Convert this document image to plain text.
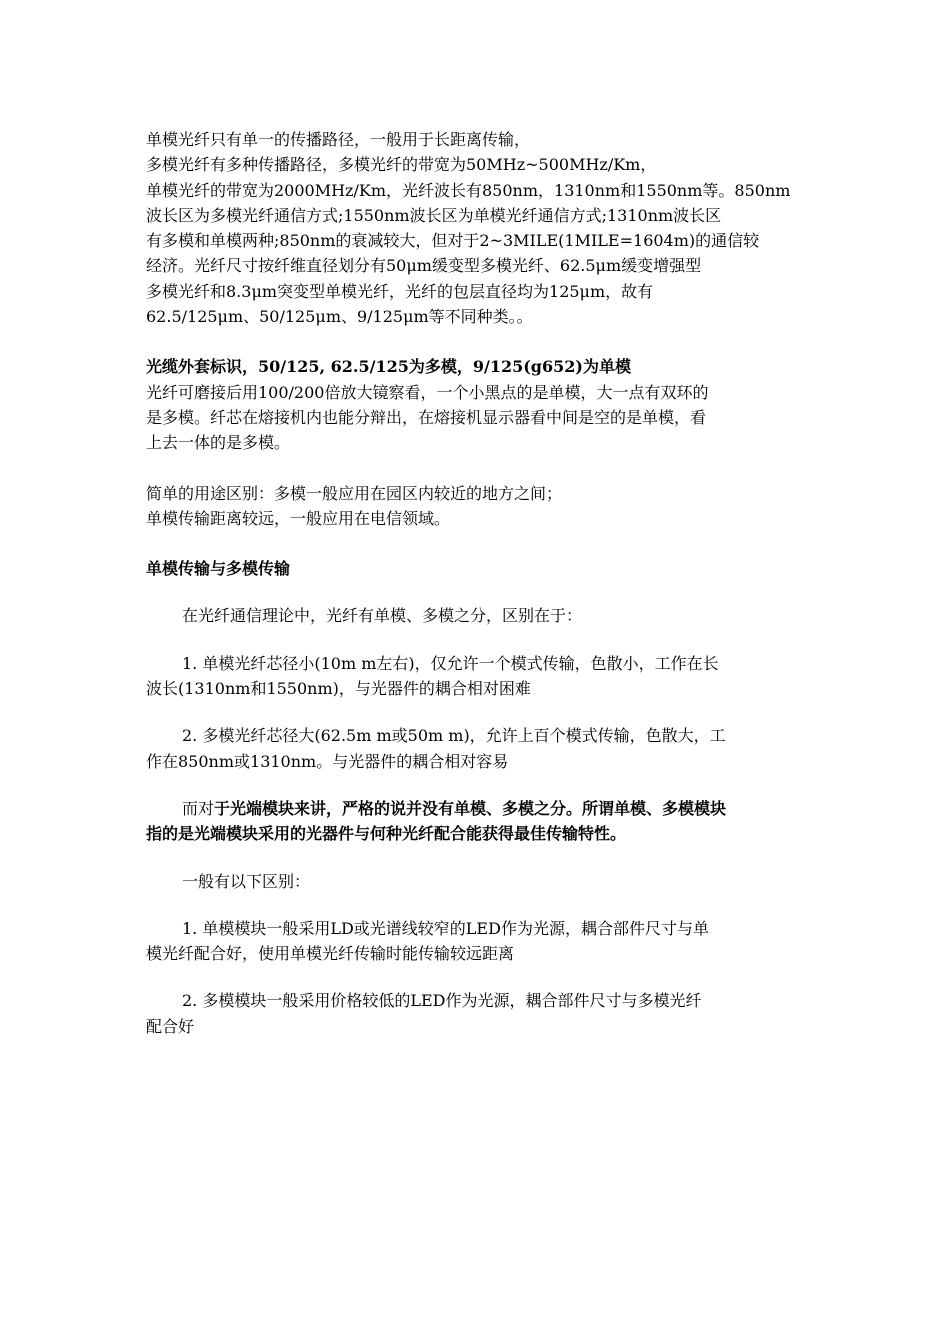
单模光纤只有单一的传播路径，一般用于长距离传输，
多模光纤有多种传播路径，多模光纤的带宽为50MHz~500MHz/Km，
单模光纤的带宽为2000MHz/Km，光纤波长有850nm，1310nm和1550nm等。850nm
波长区为多模光纤通信方式;1550nm波长区为单模光纤通信方式;1310nm波长区
有多模和单模两种;850nm的衰减较大，但对于2~3MILE(1MILE=1604m)的通信较
经济。光纤尺寸按纤维直径划分有50μm缓变型多模光纤、62.5μm缓变增强型
多模光纤和8.3μm突变型单模光纤，光纤的包层直径均为125μm，故有
62.5/125μm、50/125μm、9/125μm等不同种类。。
光缆外套标识，50/125, 62.5/125为多模，9/125(g652)为单模
光纤可磨接后用100/200倍放大镜察看，一个小黑点的是单模，大一点有双环的
是多模。纤芯在熔接机内也能分辩出，在熔接机显示器看中间是空的是单模，看
上去一体的是多模。
简单的用途区别：多模一般应用在园区内较近的地方之间；
单模传输距离较远，一般应用在电信领域。
单模传输与多模传输
在光纤通信理论中，光纤有单模、多模之分，区别在于：
1. 单模光纤芯径小(10m m左右)，仅允许一个模式传输，色散小，工作在长
波长(1310nm和1550nm)，与光器件的耦合相对困难
2. 多模光纤芯径大(62.5m m或50m m)，允许上百个模式传输，色散大，工
作在850nm或1310nm。与光器件的耦合相对容易
而对于光端模块来讲，严格的说并没有单模、多模之分。所谓单模、多模模块
指的是光端模块采用的光器件与何种光纤配合能获得最佳传输特性。
一般有以下区别：
1. 单模模块一般采用LD或光谱线较窄的LED作为光源，耦合部件尺寸与单
模光纤配合好，使用单模光纤传输时能传输较远距离
2. 多模模块一般采用价格较低的LED作为光源，耦合部件尺寸与多模光纤
配合好
